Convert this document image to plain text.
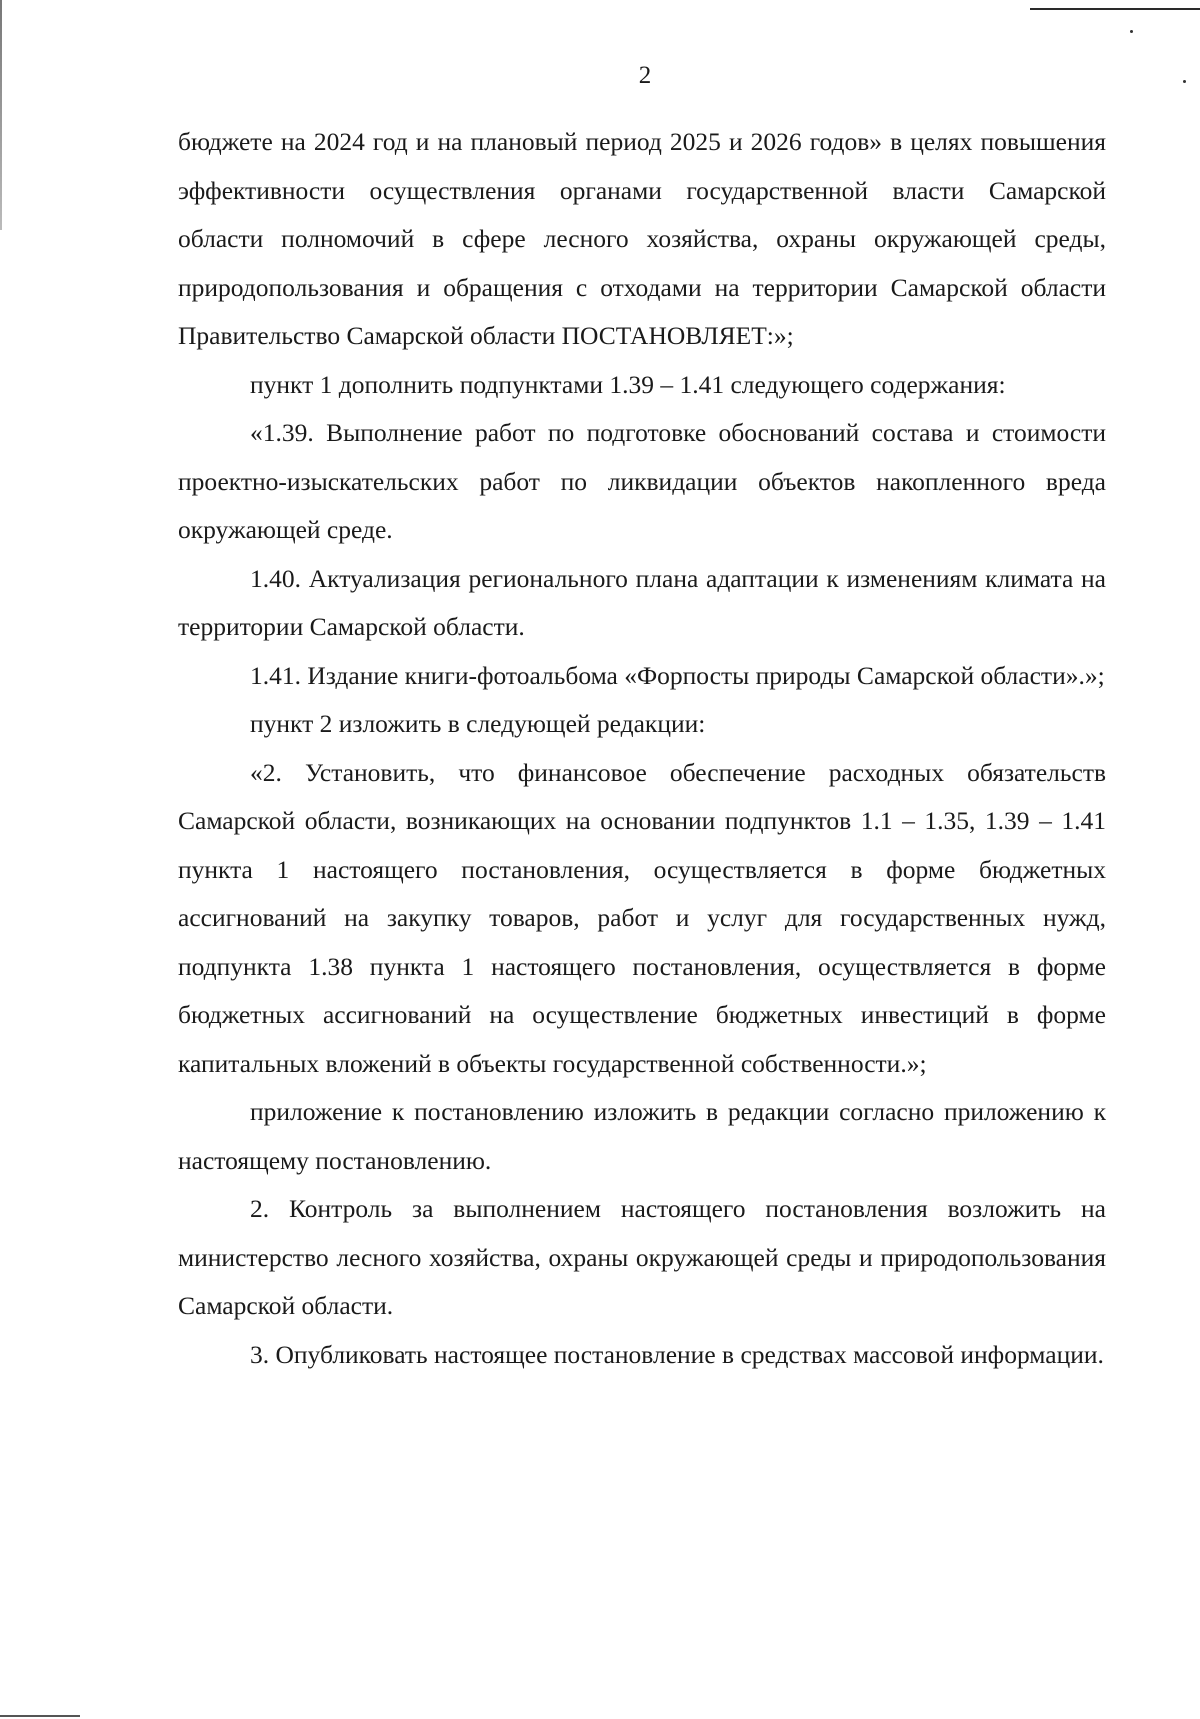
2

бюджете на 2024 год и на плановый период 2025 и 2026 годов» в целях повышения эффективности осуществления органами государственной власти Самарской области полномочий в сфере лесного хозяйства, охраны окружающей среды, природопользования и обращения с отходами на территории Самарской области Правительство Самарской области ПОСТАНОВЛЯЕТ:»;

пункт 1 дополнить подпунктами 1.39 – 1.41 следующего содержания:

«1.39. Выполнение работ по подготовке обоснований состава и стоимости проектно-изыскательских работ по ликвидации объектов накопленного вреда окружающей среде.

1.40. Актуализация регионального плана адаптации к изменениям климата на территории Самарской области.

1.41. Издание книги-фотоальбома «Форпосты природы Самарской области».»;

пункт 2 изложить в следующей редакции:

«2. Установить, что финансовое обеспечение расходных обязательств Самарской области, возникающих на основании подпунктов 1.1 – 1.35, 1.39 – 1.41 пункта 1 настоящего постановления, осуществляется в форме бюджетных ассигнований на закупку товаров, работ и услуг для государственных нужд, подпункта 1.38 пункта 1 настоящего постановления, осуществляется в форме бюджетных ассигнований на осуществление бюджетных инвестиций в форме капитальных вложений в объекты государственной собственности.»;

приложение к постановлению изложить в редакции согласно приложению к настоящему постановлению.

2. Контроль за выполнением настоящего постановления возложить на министерство лесного хозяйства, охраны окружающей среды и природопользования Самарской области.

3. Опубликовать настоящее постановление в средствах массовой информации.
